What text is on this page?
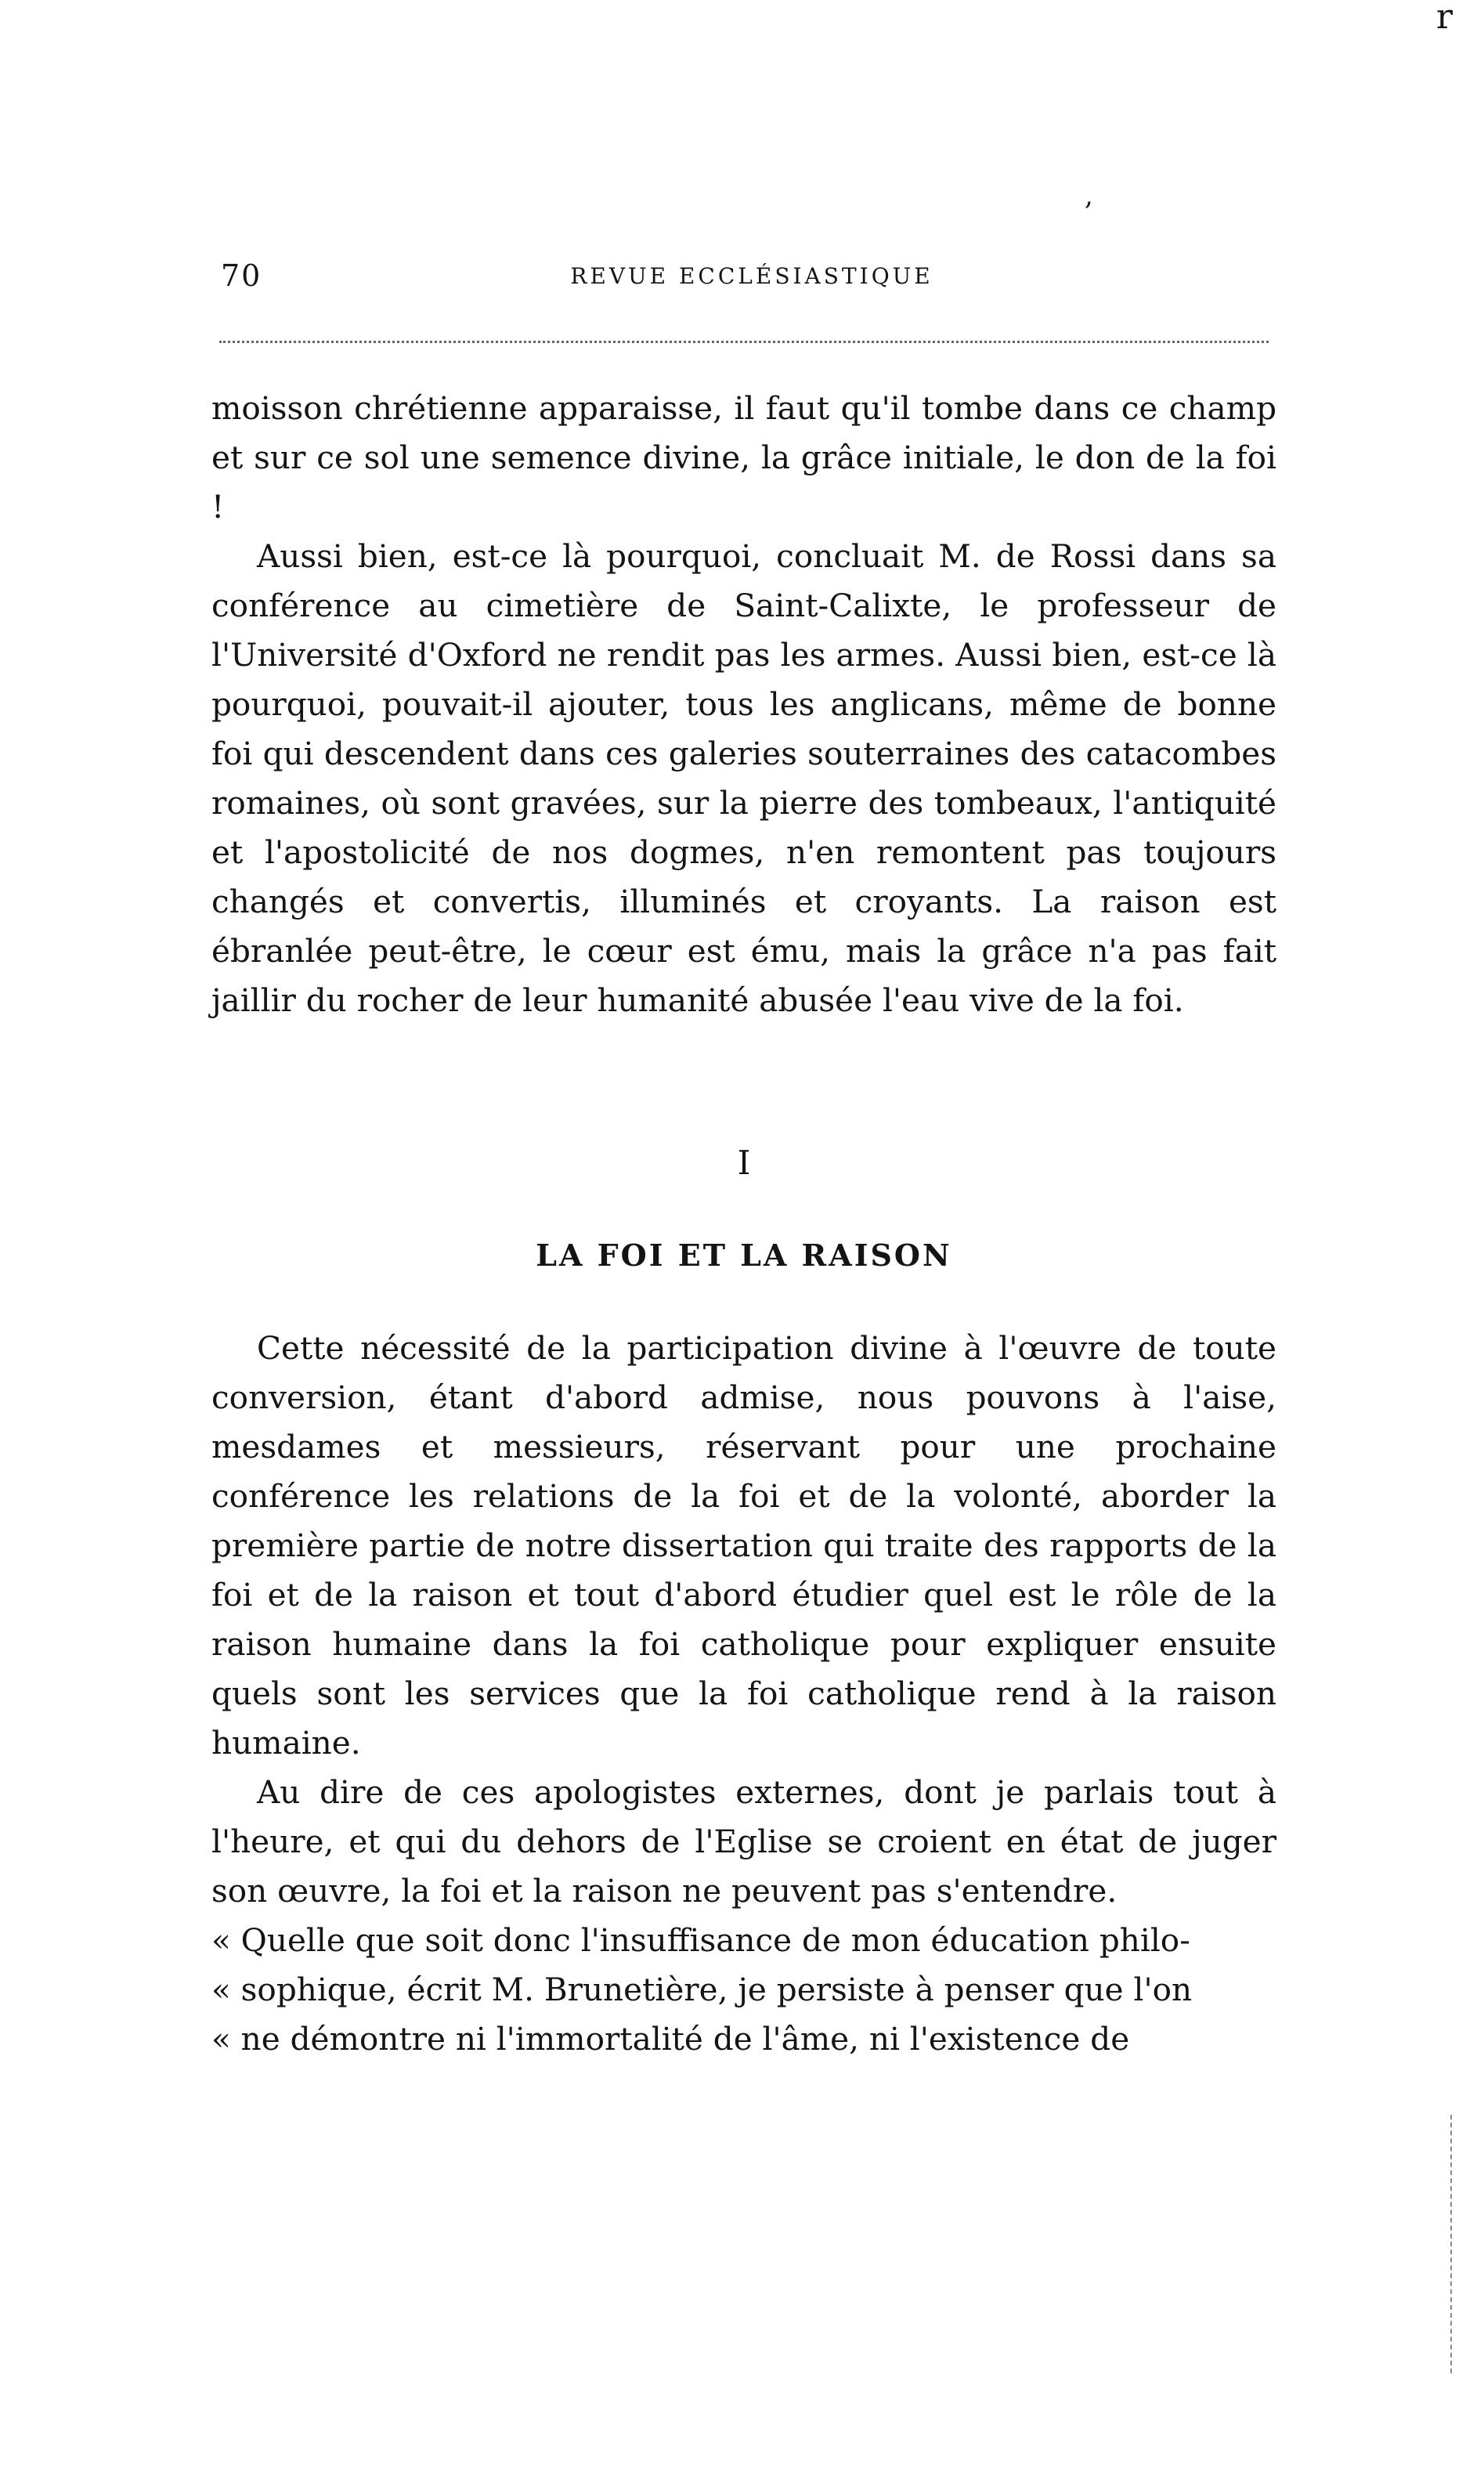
r
,
70	REVUE ECCLÉSIASTIQUE

moisson chrétienne apparaisse, il faut qu'il tombe dans ce champ et sur ce sol une semence divine, la grâce initiale, le don de la foi !

Aussi bien, est-ce là pourquoi, concluait M. de Rossi dans sa conférence au cimetière de Saint-Calixte, le professeur de l'Université d'Oxford ne rendit pas les armes. Aussi bien, est-ce là pourquoi, pouvait-il ajouter, tous les anglicans, même de bonne foi qui descendent dans ces galeries souterraines des catacombes romaines, où sont gravées, sur la pierre des tombeaux, l'antiquité et l'apostolicité de nos dogmes, n'en remontent pas toujours changés et convertis, illuminés et croyants. La raison est ébranlée peut-être, le cœur est ému, mais la grâce n'a pas fait jaillir du rocher de leur humanité abusée l'eau vive de la foi.

I
LA FOI ET LA RAISON

Cette nécessité de la participation divine à l'œuvre de toute conversion, étant d'abord admise, nous pouvons à l'aise, mesdames et messieurs, réservant pour une prochaine conférence les relations de la foi et de la volonté, aborder la première partie de notre dissertation qui traite des rapports de la foi et de la raison et tout d'abord étudier quel est le rôle de la raison humaine dans la foi catholique pour expliquer ensuite quels sont les services que la foi catholique rend à la raison humaine.

Au dire de ces apologistes externes, dont je parlais tout à l'heure, et qui du dehors de l'Eglise se croient en état de juger son œuvre, la foi et la raison ne peuvent pas s'entendre.

« Quelle que soit donc l'insuffisance de mon éducation philo-
« sophique, écrit M. Brunetière, je persiste à penser que l'on
« ne démontre ni l'immortalité de l'âme, ni l'existence de
